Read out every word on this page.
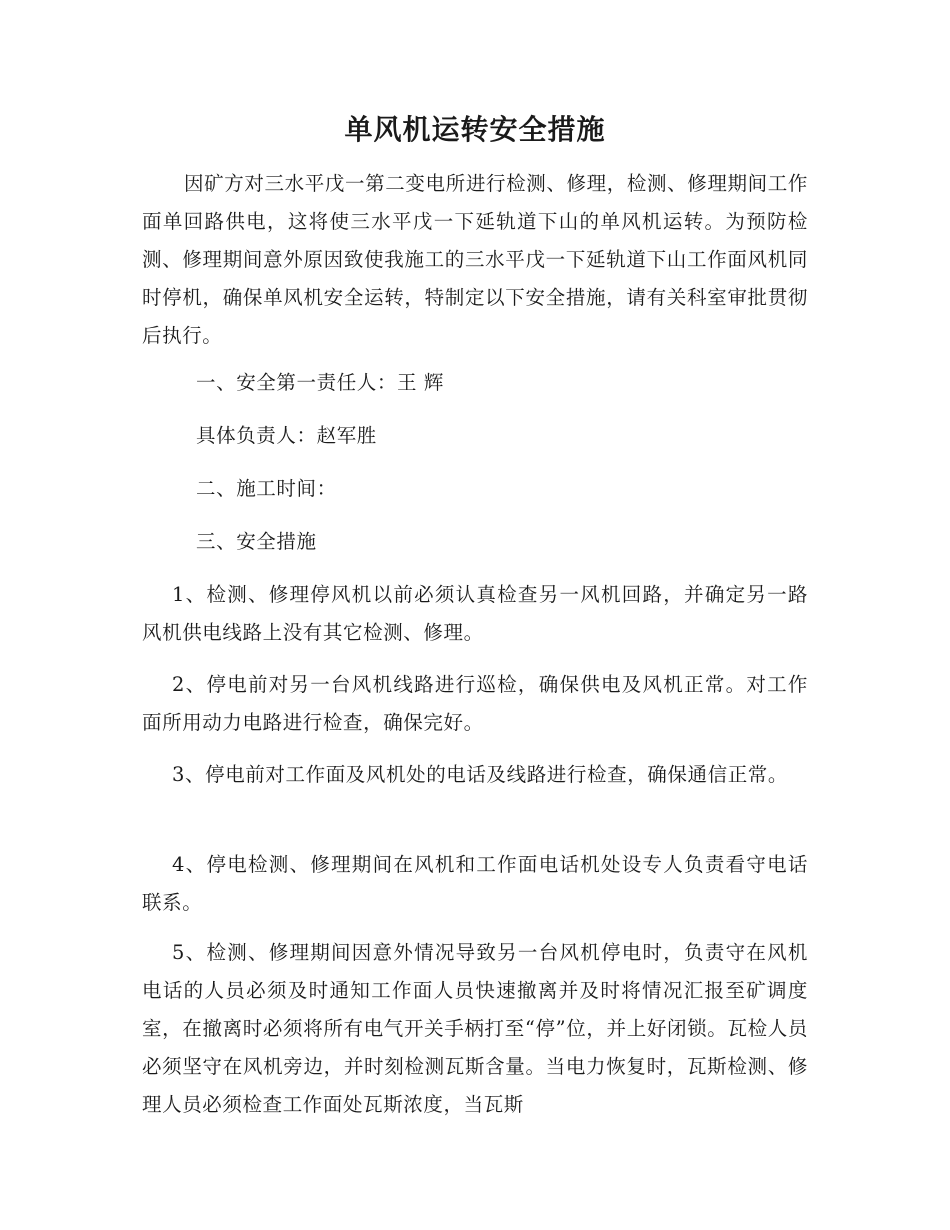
单风机运转安全措施

因矿方对三水平戊一第二变电所进行检测、修理，检测、修理期间工作面单回路供电，这将使三水平戊一下延轨道下山的单风机运转。为预防检测、修理期间意外原因致使我施工的三水平戊一下延轨道下山工作面风机同时停机，确保单风机安全运转，特制定以下安全措施，请有关科室审批贯彻后执行。

一、安全第一责任人：王 辉

具体负责人：赵军胜

二、施工时间：

三、安全措施

1、检测、修理停风机以前必须认真检查另一风机回路，并确定另一路风机供电线路上没有其它检测、修理。

2、停电前对另一台风机线路进行巡检，确保供电及风机正常。对工作面所用动力电路进行检查，确保完好。

3、停电前对工作面及风机处的电话及线路进行检查，确保通信正常。

4、停电检测、修理期间在风机和工作面电话机处设专人负责看守电话联系。

5、检测、修理期间因意外情况导致另一台风机停电时，负责守在风机电话的人员必须及时通知工作面人员快速撤离并及时将情况汇报至矿调度室，在撤离时必须将所有电气开关手柄打至“停”位，并上好闭锁。瓦检人员必须坚守在风机旁边，并时刻检测瓦斯含量。当电力恢复时，瓦斯检测、修理人员必须检查工作面处瓦斯浓度，当瓦斯
